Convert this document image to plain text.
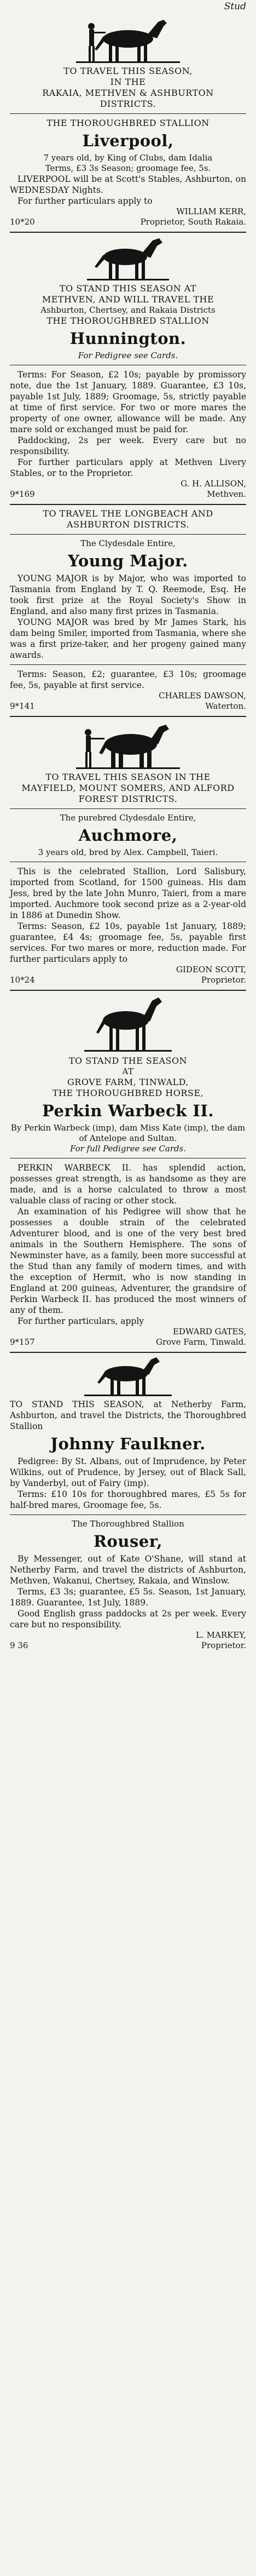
Stud
TO TRAVEL THIS SEASON,
IN THE
RAKAIA, METHVEN & ASHBURTON
DISTRICTS.
THE THOROUGHBRED STALLION
Liverpool,
7 years old, by King of Clubs, dam Idalia
Terms, £3 3s Season; groomage fee, 5s.
LIVERPOOL will be at Scott's Stables, Ashburton, on WEDNESDAY Nights.
For further particulars apply to
WILLIAM KERR,
10*20	Proprietor, South Rakaia.
TO STAND THIS SEASON AT
METHVEN, AND WILL TRAVEL THE
Ashburton, Chertsey, and Rakaia Districts
THE THOROUGHBRED STALLION
Hunnington.
For Pedigree see Cards.
Terms: For Season, £2 10s; payable by promissory note, due the 1st January, 1889. Guarantee, £3 10s, payable 1st July, 1889; Groomage, 5s, strictly payable at time of first service. For two or more mares the property of one owner, allowance will be made. Any mare sold or exchanged must be paid for.
Paddocking, 2s per week. Every care but no responsibility.
For further particulars apply at Methven Livery Stables, or to the Proprietor.
G. H. ALLISON,
9*169	Methven.
TO TRAVEL THE LONGBEACH AND ASHBURTON DISTRICTS.
The Clydesdale Entire,
Young Major.
YOUNG MAJOR is by Major, who was imported to Tasmania from England by T. Q. Reemode, Esq. He took first prize at the Royal Society's Show in England, and also many first prizes in Tasmania.
YOUNG MAJOR was bred by Mr James Stark, his dam being Smiler, imported from Tasmania, where she was a first prize-taker, and her progeny gained many awards.
Terms: Season, £2; guarantee, £3 10s; groomage fee, 5s, payable at first service.
CHARLES DAWSON,
9*141	Waterton.
TO TRAVEL THIS SEASON IN THE
MAYFIELD, MOUNT SOMERS, AND ALFORD FOREST DISTRICTS.
The purebred Clydesdale Entire,
Auchmore,
3 years old, bred by Alex. Campbell, Taieri.
This is the celebrated Stallion, Lord Salisbury, imported from Scotland, for 1500 guineas. His dam Jess, bred by the late John Munro, Taieri, from a mare imported. Auchmore took second prize as a 2-year-old in 1886 at Dunedin Show.
Terms: Season, £2 10s, payable 1st January, 1889; guarantee, £4 4s; groomage fee, 5s, payable first services. For two mares or more, reduction made. For further particulars apply to
GIDEON SCOTT,
10*24	Proprietor.
TO STAND THE SEASON
AT
GROVE FARM, TINWALD,
THE THOROUGHBRED HORSE,
Perkin Warbeck II.
By Perkin Warbeck (imp), dam Miss Kate (imp), the dam of Antelope and Sultan.
For full Pedigree see Cards.
PERKIN WARBECK II. has splendid action, possesses great strength, is as handsome as they are made, and is a horse calculated to throw a most valuable class of racing or other stock.
An examination of his Pedigree will show that he possesses a double strain of the celebrated Adventurer blood, and is one of the very best bred animals in the Southern Hemisphere. The sons of Newminster have, as a family, been more successful at the Stud than any family of modern times, and with the exception of Hermit, who is now standing in England at 200 guineas, Adventurer, the grandsire of Perkin Warbeck II. has produced the most winners of any of them.
For further particulars, apply
EDWARD GATES,
9*157	Grove Farm, Tinwald.
TO STAND THIS SEASON, at Netherby Farm, Ashburton, and travel the Districts, the Thoroughbred Stallion
Johnny Faulkner.
Pedigree: By St. Albans, out of Imprudence, by Peter Wilkins, out of Prudence, by Jersey, out of Black Sall, by Vanderbyl, out of Fairy (imp).
Terms: £10 10s for thoroughbred mares, £5 5s for half-bred mares, Groomage fee, 5s.
The Thoroughbred Stallion
Rouser,
By Messenger, out of Kate O'Shane, will stand at Netherby Farm, and travel the districts of Ashburton, Methven, Wakanui, Chertsey, Rakaia, and Winslow.
Terms, £3 3s; guarantee, £5 5s. Season, 1st January, 1889. Guarantee, 1st July, 1889.
Good English grass paddocks at 2s per week. Every care but no responsibility.
L. MARKEY,
9 36	Proprietor.
